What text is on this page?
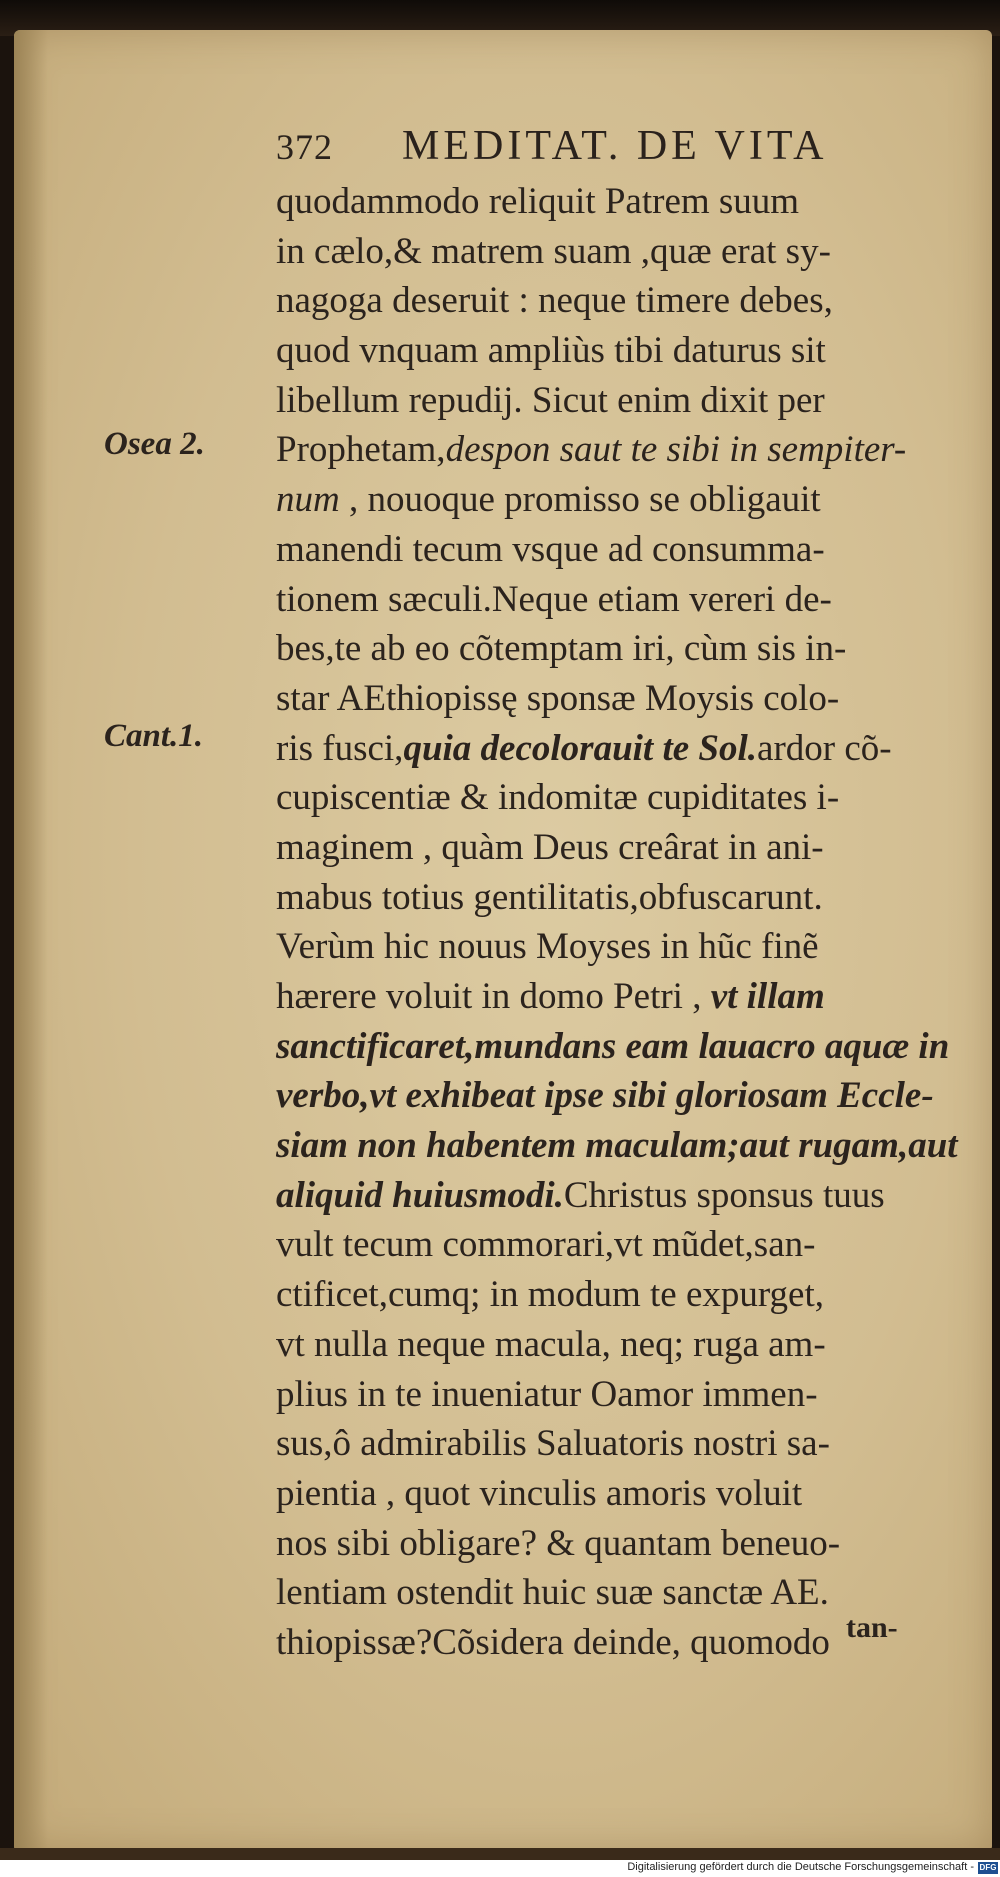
372 MEDITAT. DE VITA
Osea 2.
Cant.1.
quodammodo reliquit Patrem suum
in cælo,& matrem suam ,quæ erat sy-
nagoga deseruit : neque timere debes,
quod vnquam ampliùs tibi daturus sit
libellum repudij. Sicut enim dixit per
Prophetam,despon saut te sibi in sempiter-
num , nouoque promisso se obligauit
manendi tecum vsque ad consumma-
tionem sæculi.Neque etiam vereri de-
bes,te ab eo cõtemptam iri, cùm sis in-
star AEthiopissę sponsæ Moysis colo-
ris fusci,quia decolorauit te Sol.ardor cõ-
cupiscentiæ & indomitæ cupiditates i-
maginem , quàm Deus creârat in ani-
mabus totius gentilitatis,obfuscarunt.
Verùm hic nouus Moyses in hũc finẽ
hærere voluit in domo Petri , vt illam
sanctificaret,mundans eam lauacro aquæ in
verbo,vt exhibeat ipse sibi gloriosam Eccle-
siam non habentem maculam;aut rugam,aut
aliquid huiusmodi.Christus sponsus tuus
vult tecum commorari,vt mũdet,san-
ctificet,cumq; in modum te expurget,
vt nulla neque macula, neq; ruga am-
plius in te inueniatur Oamor immen-
sus,ô admirabilis Saluatoris nostri sa-
pientia , quot vinculis amoris voluit
nos sibi obligare? & quantam beneuo-
lentiam ostendit huic suæ sanctæ AE.
thiopissæ?Cõsidera deinde, quomodo tan-
Digitalisierung gefördert durch die Deutsche Forschungsgemeinschaft - DFG
